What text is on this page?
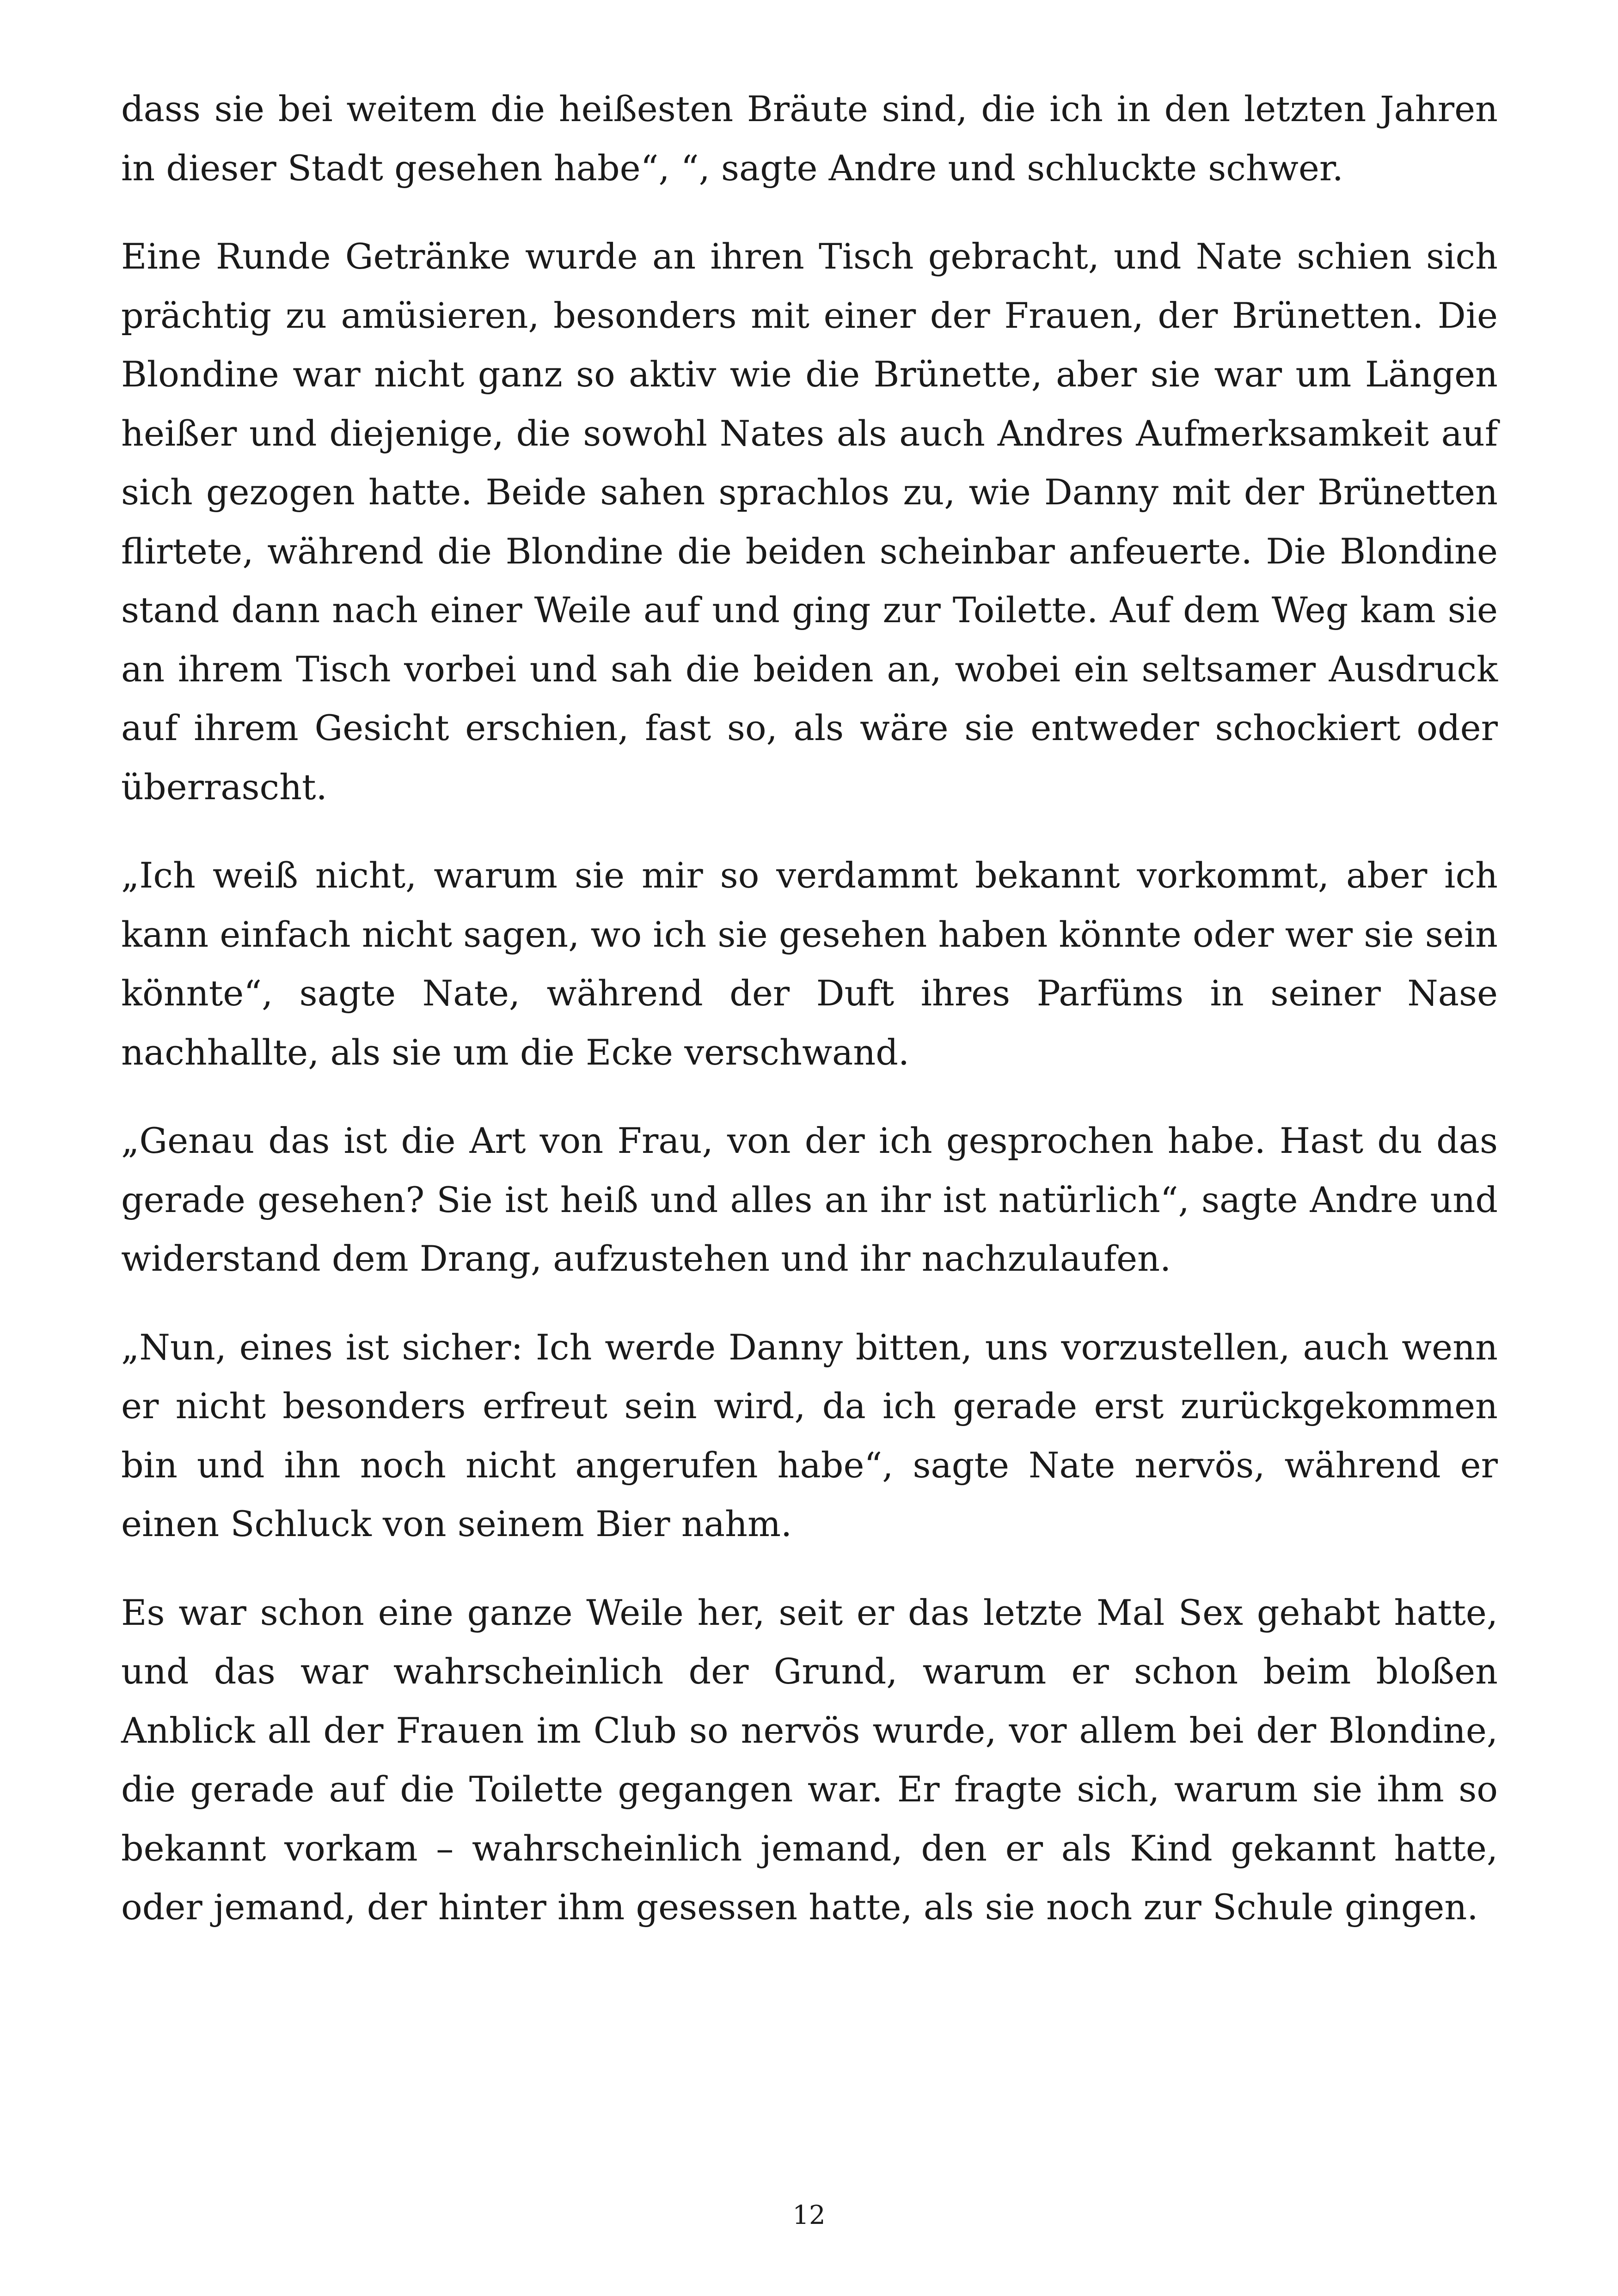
dass sie bei weitem die heißesten Bräute sind, die ich in den letzten Jahren in dieser Stadt gesehen habe“, “, sagte Andre und schluckte schwer.

Eine Runde Getränke wurde an ihren Tisch gebracht, und Nate schien sich prächtig zu amüsieren, besonders mit einer der Frauen, der Brünetten. Die Blondine war nicht ganz so aktiv wie die Brünette, aber sie war um Längen heißer und diejenige, die sowohl Nates als auch Andres Aufmerksamkeit auf sich gezogen hatte. Beide sahen sprachlos zu, wie Danny mit der Brünetten flirtete, während die Blondine die beiden scheinbar anfeuerte. Die Blondine stand dann nach einer Weile auf und ging zur Toilette. Auf dem Weg kam sie an ihrem Tisch vorbei und sah die beiden an, wobei ein seltsamer Ausdruck auf ihrem Gesicht erschien, fast so, als wäre sie entweder schockiert oder überrascht.

„Ich weiß nicht, warum sie mir so verdammt bekannt vorkommt, aber ich kann einfach nicht sagen, wo ich sie gesehen haben könnte oder wer sie sein könnte“, sagte Nate, während der Duft ihres Parfüms in seiner Nase nachhallte, als sie um die Ecke verschwand.

„Genau das ist die Art von Frau, von der ich gesprochen habe. Hast du das gerade gesehen? Sie ist heiß und alles an ihr ist natürlich“, sagte Andre und widerstand dem Drang, aufzustehen und ihr nachzulaufen.

„Nun, eines ist sicher: Ich werde Danny bitten, uns vorzustellen, auch wenn er nicht besonders erfreut sein wird, da ich gerade erst zurückgekommen bin und ihn noch nicht angerufen habe“, sagte Nate nervös, während er einen Schluck von seinem Bier nahm.

Es war schon eine ganze Weile her, seit er das letzte Mal Sex gehabt hatte, und das war wahrscheinlich der Grund, warum er schon beim bloßen Anblick all der Frauen im Club so nervös wurde, vor allem bei der Blondine, die gerade auf die Toilette gegangen war. Er fragte sich, warum sie ihm so bekannt vorkam – wahrscheinlich jemand, den er als Kind gekannt hatte, oder jemand, der hinter ihm gesessen hatte, als sie noch zur Schule gingen.

12
